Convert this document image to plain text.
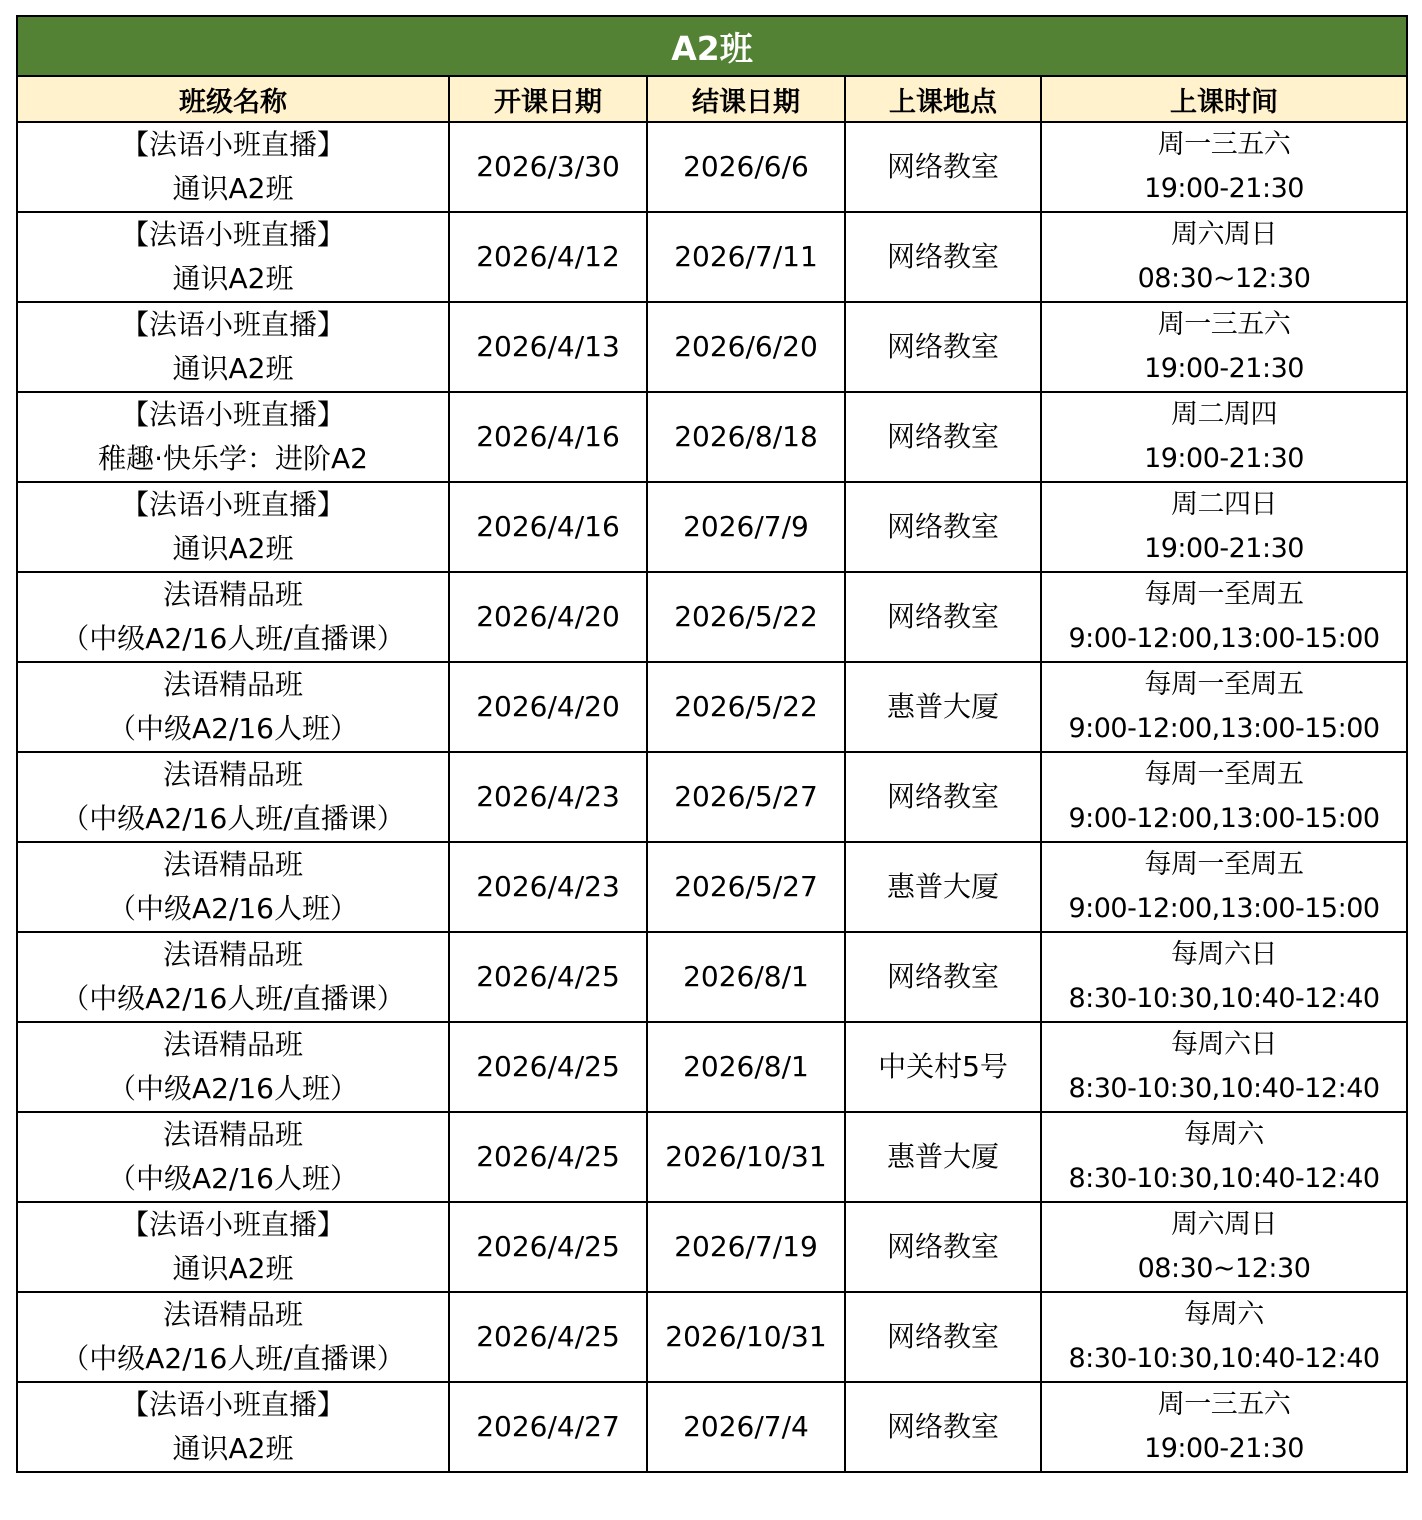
A2班				
班级名称	开课日期	结课日期	上课地点	上课时间

【法语小班直播】
通识A2班	2026/3/30	2026/6/6	网络教室	周一三五六
19:00-21:30

【法语小班直播】
通识A2班	2026/4/12	2026/7/11	网络教室	周六周日
08:30~12:30

【法语小班直播】
通识A2班	2026/4/13	2026/6/20	网络教室	周一三五六
19:00-21:30

【法语小班直播】
稚趣·快乐学：进阶A2	2026/4/16	2026/8/18	网络教室	周二周四
19:00-21:30

【法语小班直播】
通识A2班	2026/4/16	2026/7/9	网络教室	周二四日
19:00-21:30

法语精品班
（中级A2/16人班/直播课）	2026/4/20	2026/5/22	网络教室	每周一至周五
9:00-12:00,13:00-15:00

法语精品班
（中级A2/16人班）	2026/4/20	2026/5/22	惠普大厦	每周一至周五
9:00-12:00,13:00-15:00

法语精品班
（中级A2/16人班/直播课）	2026/4/23	2026/5/27	网络教室	每周一至周五
9:00-12:00,13:00-15:00

法语精品班
（中级A2/16人班）	2026/4/23	2026/5/27	惠普大厦	每周一至周五
9:00-12:00,13:00-15:00

法语精品班
（中级A2/16人班/直播课）	2026/4/25	2026/8/1	网络教室	每周六日
8:30-10:30,10:40-12:40

法语精品班
（中级A2/16人班）	2026/4/25	2026/8/1	中关村5号	每周六日
8:30-10:30,10:40-12:40

法语精品班
（中级A2/16人班）	2026/4/25	2026/10/31	惠普大厦	每周六
8:30-10:30,10:40-12:40

【法语小班直播】
通识A2班	2026/4/25	2026/7/19	网络教室	周六周日
08:30~12:30

法语精品班
（中级A2/16人班/直播课）	2026/4/25	2026/10/31	网络教室	每周六
8:30-10:30,10:40-12:40

【法语小班直播】
通识A2班	2026/4/27	2026/7/4	网络教室	周一三五六
19:00-21:30
